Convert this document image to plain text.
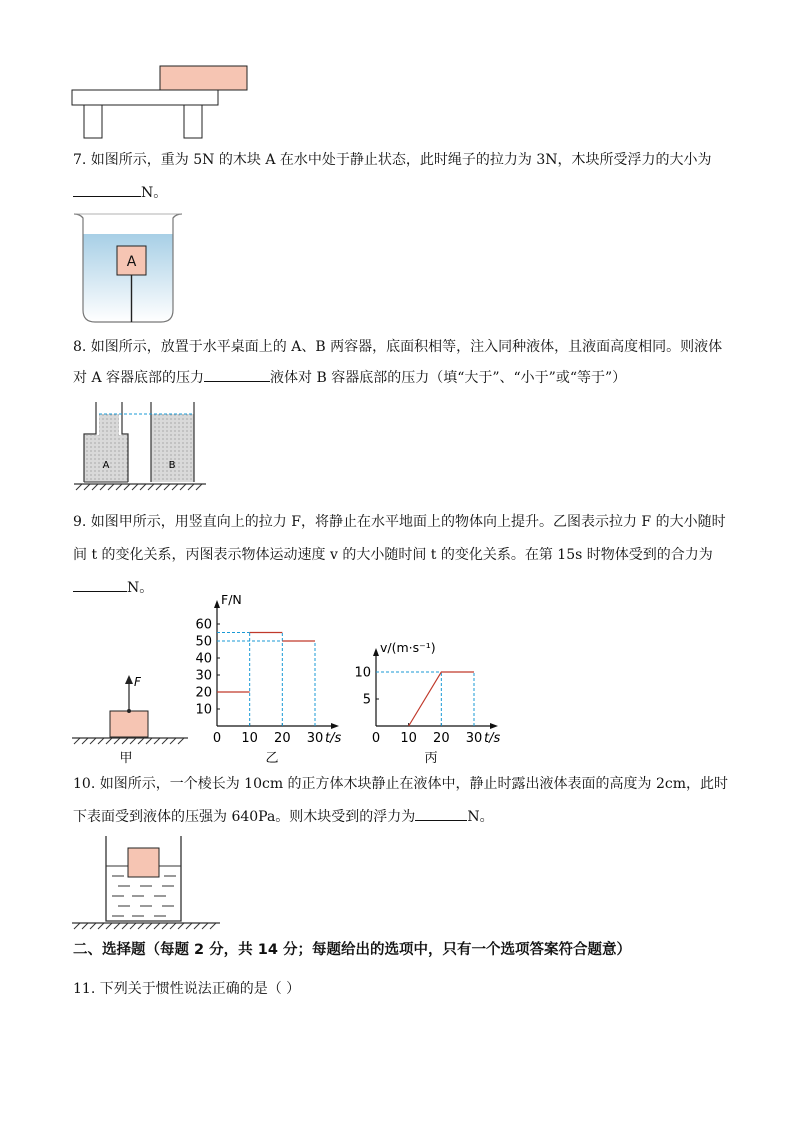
7. 如图所示，重为 5N 的木块 A 在水中处于静止状态，此时绳子的拉力为 3N，木块所受浮力的大小为
N。
A
8. 如图所示，放置于水平桌面上的 A、B 两容器，底面积相等，注入同种液体，且液面高度相同。则液体
对 A 容器底部的压力	液体对 B 容器底部的压力（填“大于”、“小于”或“等于”）
A	B
9. 如图甲所示，用竖直向上的拉力 F，将静止在水平地面上的物体向上提升。乙图表示拉力 F 的大小随时
间 t 的变化关系，丙图表示物体运动速度 v 的大小随时间 t 的变化关系。在第 15s 时物体受到的合力为
N。
F
甲
0 10 20 30
10
20
30
40
50
60
t/s
F/N
乙
0 10 20 30
5
10
t/s
v/(m·s⁻¹)
丙
10. 如图所示，一个棱长为 10cm 的正方体木块静止在液体中，静止时露出液体表面的高度为 2cm，此时
下表面受到液体的压强为 640Pa。则木块受到的浮力为	N。
二、选择题（每题 2 分，共 14 分；每题给出的选项中，只有一个选项答案符合题意）
11. 下列关于惯性说法正确的是（ ）
